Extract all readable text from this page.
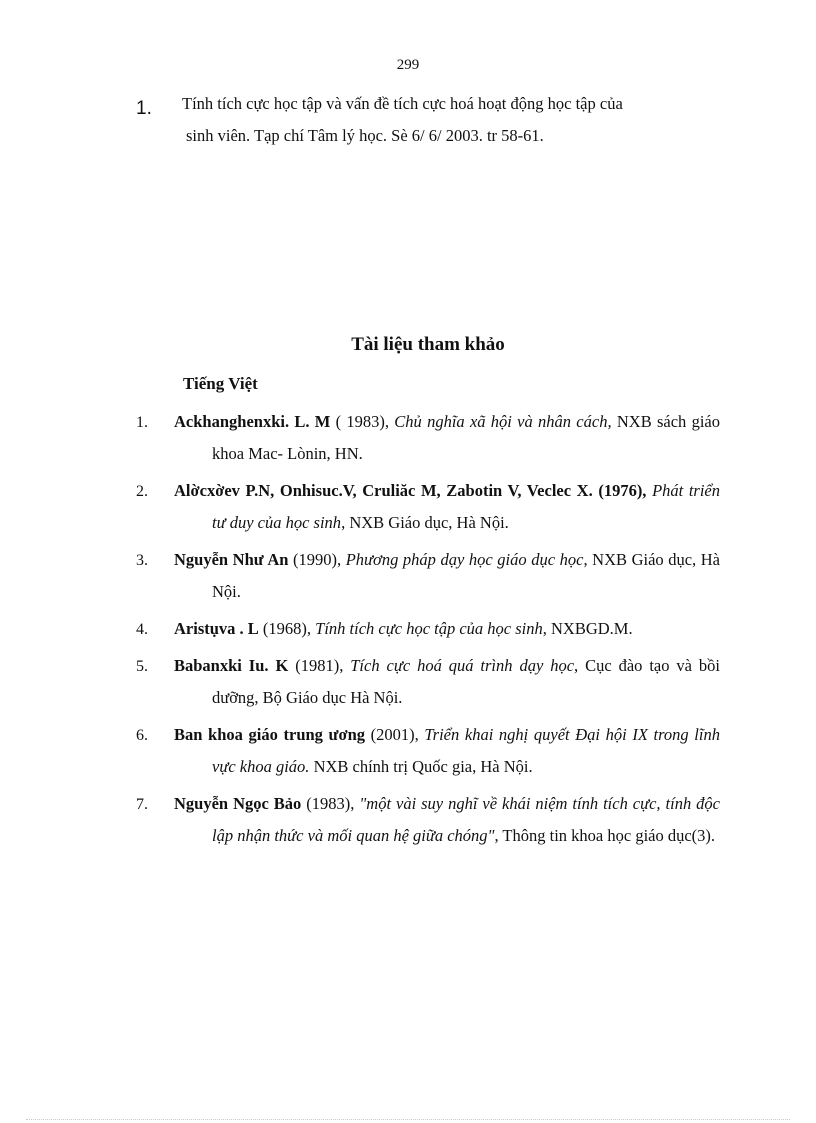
299
1. Tính tích cực học tập và vấn đề tích cực hoá hoạt động học tập của
sinh viên. Tạp chí Tâm lý học. Sè 6/ 6/ 2003. tr 58-61.
Tài liệu tham khảo
Tiếng Việt
1.	Ackhanghenxki. L. M ( 1983), Chủ nghĩa xã hội và nhân cách, NXB sách giáo khoa Mac- Lònin, HN.
2.	Alờcxờev P.N, Onhisuc.V, Cruliăc M, Zabotin V, Veclec X. (1976), Phát triển tư duy của học sinh, NXB Giáo dục, Hà Nội.
3.	Nguyễn Như An (1990), Phương pháp dạy học giáo dục học, NXB Giáo dục, Hà Nội.
4.	Aristụva . L (1968), Tính tích cực học tập của học sinh, NXBGD.M.
5.	Babanxki Iu. K (1981), Tích cực hoá quá trình dạy học, Cục đào tạo và bồi dưỡng, Bộ Giáo dục Hà Nội.
6.	Ban khoa giáo trung ương (2001), Triển khai nghị quyết Đại hội IX trong lĩnh vực khoa giáo. NXB chính trị Quốc gia, Hà Nội.
7.	Nguyễn Ngọc Bảo (1983), "một vài suy nghĩ về khái niệm tính tích cực, tính độc lập nhận thức và mối quan hệ giữa chóng", Thông tin khoa học giáo dục(3).
